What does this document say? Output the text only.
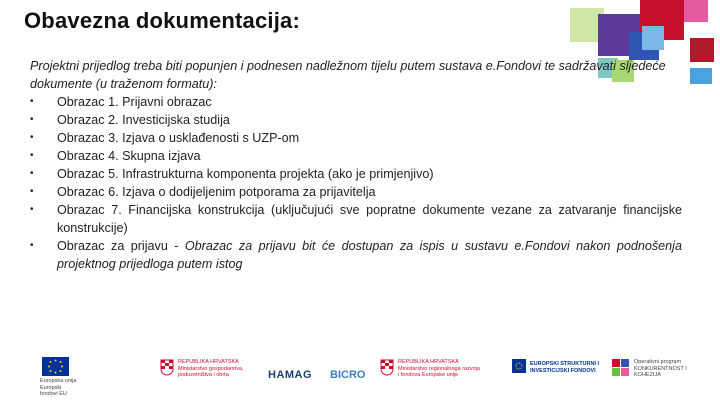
Obavezna dokumentacija:

Projektni prijedlog treba biti popunjen i podnesen nadležnom tijelu putem sustava e.Fondovi te sadržavati sljedeće dokumente (u traženom formatu):

•	Obrazac 1. Prijavni obrazac
•	Obrazac 2. Investicijska studija
•	Obrazac 3. Izjava o usklađenosti s UZP-om
•	Obrazac 4. Skupna izjava
•	Obrazac 5. Infrastrukturna komponenta projekta (ako je primjenjivo)
•	Obrazac 6. Izjava o dodijeljenim potporama za prijavitelja
•	Obrazac 7. Financijska konstrukcija (uključujući sve popratne dokumente vezane za zatvaranje financijske konstrukcije)
•	Obrazac za prijavu - Obrazac za prijavu bit će dostupan za ispis u sustavu e.Fondovi nakon podnošenja projektnog prijedloga putem istog
Europska unija Europski fondovi EU
REPUBLIKA HRVATSKA Ministarstvo gospodarstva, poduzetništva i obrta	HAMAG BICRO
REPUBLIKA HRVATSKA Ministarstvo regionalnoga razvoja i fondova Europske unije
EUROPSKI STRUKTURNI I INVESTICIJSKI FONDOVI
Operativni program KONKURENTNOST I KOHEZIJA
